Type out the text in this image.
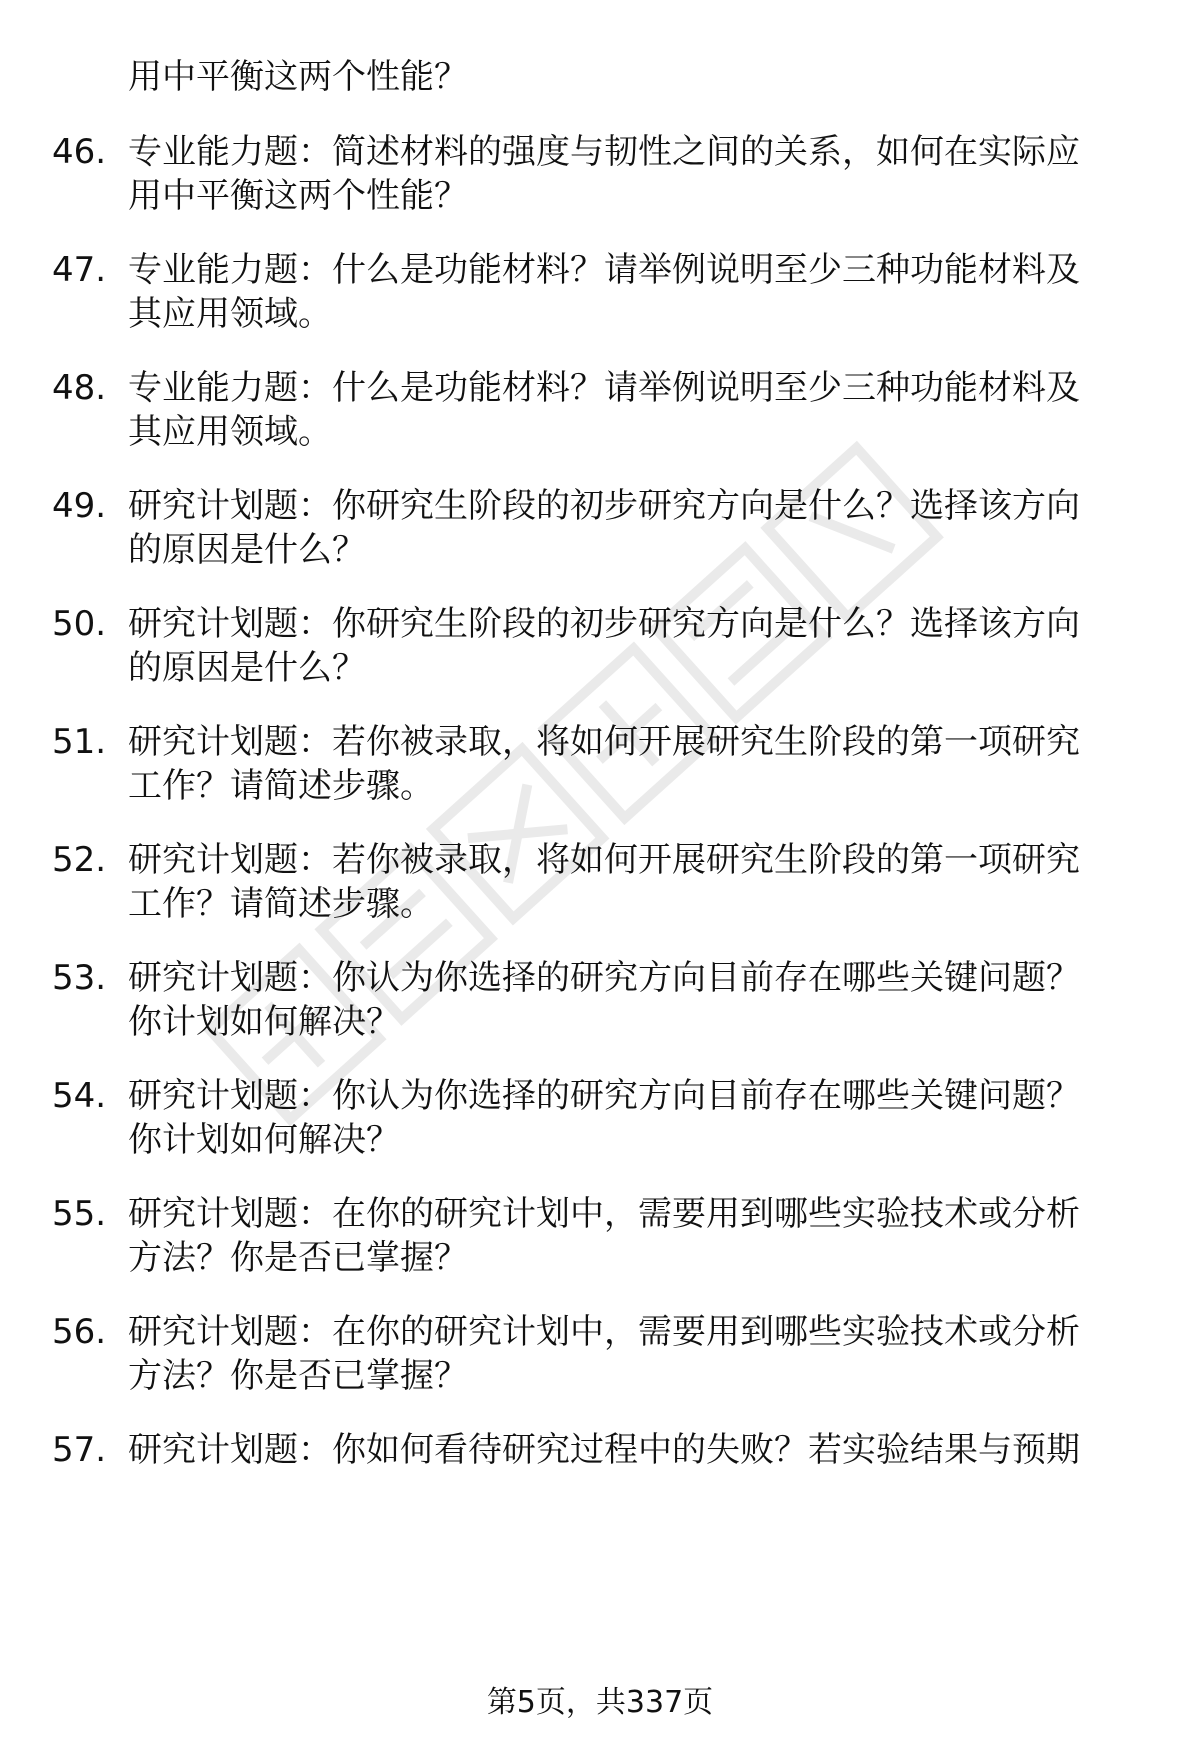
用中平衡这两个性能？
46. 专业能力题：简述材料的强度与韧性之间的关系，如何在实际应
用中平衡这两个性能？
47. 专业能力题：什么是功能材料？请举例说明至少三种功能材料及
其应用领域。
48. 专业能力题：什么是功能材料？请举例说明至少三种功能材料及
其应用领域。
49. 研究计划题：你研究生阶段的初步研究方向是什么？选择该方向
的原因是什么？
50. 研究计划题：你研究生阶段的初步研究方向是什么？选择该方向
的原因是什么？
51. 研究计划题：若你被录取，将如何开展研究生阶段的第一项研究
工作？请简述步骤。
52. 研究计划题：若你被录取，将如何开展研究生阶段的第一项研究
工作？请简述步骤。
53. 研究计划题：你认为你选择的研究方向目前存在哪些关键问题？
你计划如何解决？
54. 研究计划题：你认为你选择的研究方向目前存在哪些关键问题？
你计划如何解决？
55. 研究计划题：在你的研究计划中，需要用到哪些实验技术或分析
方法？你是否已掌握？
56. 研究计划题：在你的研究计划中，需要用到哪些实验技术或分析
方法？你是否已掌握？
57. 研究计划题：你如何看待研究过程中的失败？若实验结果与预期
第5页，共337页
